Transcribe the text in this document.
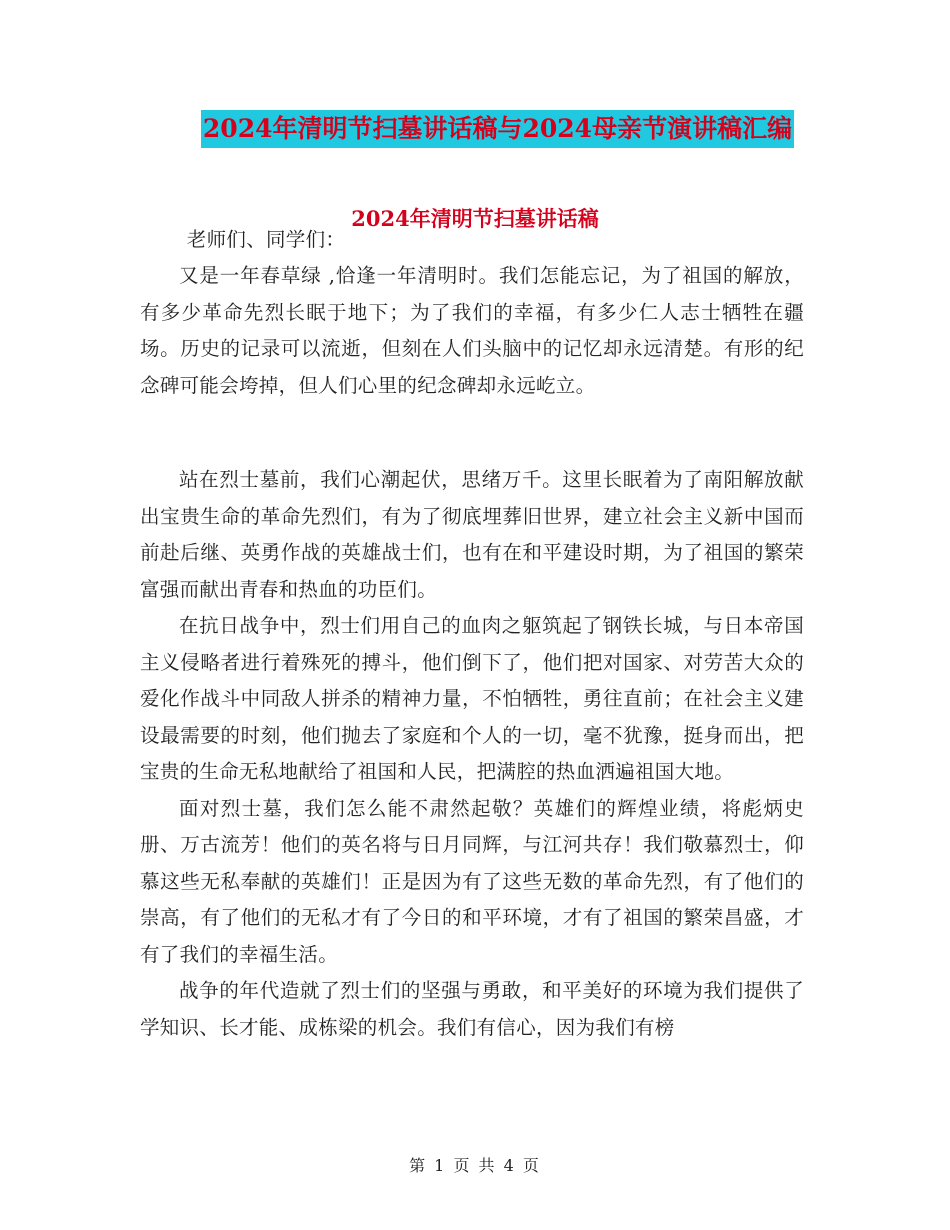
2024年清明节扫墓讲话稿与2024母亲节演讲稿汇编
2024年清明节扫墓讲话稿

老师们、同学们：

又是一年春草绿 ,恰逢一年清明时。我们怎能忘记，为了祖国的解放，有多少革命先烈长眠于地下；为了我们的幸福，有多少仁人志士牺牲在疆场。历史的记录可以流逝，但刻在人们头脑中的记忆却永远清楚。有形的纪念碑可能会垮掉，但人们心里的纪念碑却永远屹立。

站在烈士墓前，我们心潮起伏，思绪万千。这里长眠着为了南阳解放献出宝贵生命的革命先烈们，有为了彻底埋葬旧世界，建立社会主义新中国而前赴后继、英勇作战的英雄战士们，也有在和平建设时期，为了祖国的繁荣富强而献出青春和热血的功臣们。

在抗日战争中，烈士们用自己的血肉之躯筑起了钢铁长城，与日本帝国主义侵略者进行着殊死的搏斗，他们倒下了，他们把对国家、对劳苦大众的爱化作战斗中同敌人拼杀的精神力量，不怕牺牲，勇往直前；在社会主义建设最需要的时刻，他们抛去了家庭和个人的一切，毫不犹豫，挺身而出，把宝贵的生命无私地献给了祖国和人民，把满腔的热血洒遍祖国大地。

面对烈士墓，我们怎么能不肃然起敬？英雄们的辉煌业绩，将彪炳史册、万古流芳！他们的英名将与日月同辉，与江河共存！我们敬慕烈士，仰慕这些无私奉献的英雄们！正是因为有了这些无数的革命先烈，有了他们的崇高，有了他们的无私才有了今日的和平环境，才有了祖国的繁荣昌盛，才有了我们的幸福生活。

战争的年代造就了烈士们的坚强与勇敢，和平美好的环境为我们提供了学知识、长才能、成栋梁的机会。我们有信心，因为我们有榜

第 1 页 共 4 页
